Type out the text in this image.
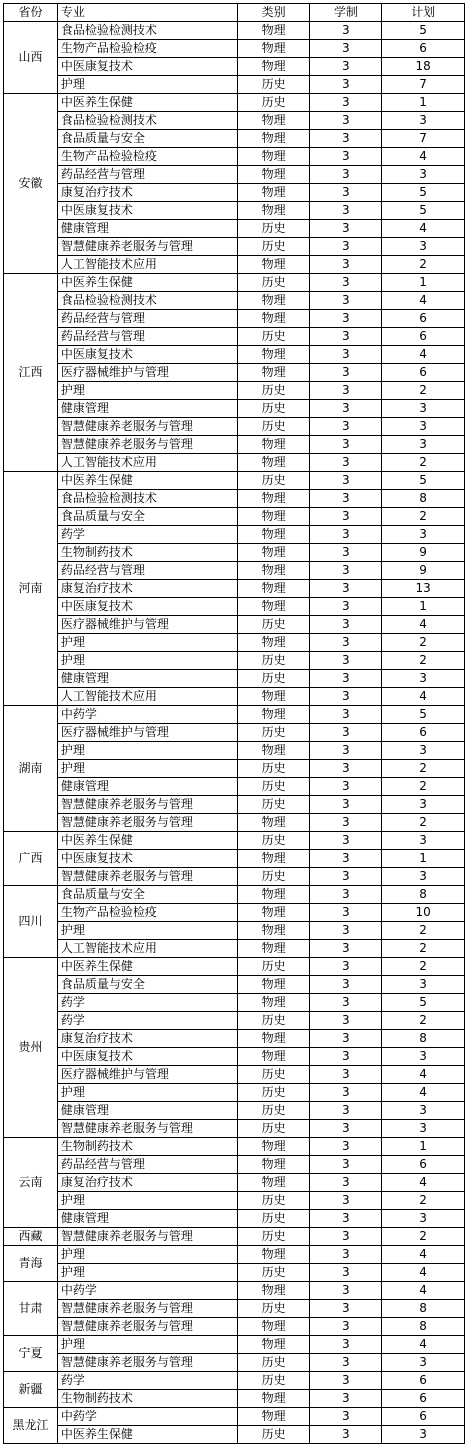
省份	专业	类别	学制	计划
山西	食品检验检测技术	物理	3	5
	生物产品检验检疫	物理	3	6
	中医康复技术	物理	3	18
	护理	历史	3	7
安徽	中医养生保健	历史	3	1
	食品检验检测技术	物理	3	3
	食品质量与安全	物理	3	7
	生物产品检验检疫	物理	3	4
	药品经营与管理	物理	3	3
	康复治疗技术	物理	3	5
	中医康复技术	物理	3	5
	健康管理	历史	3	4
	智慧健康养老服务与管理	历史	3	3
	人工智能技术应用	物理	3	2
江西	中医养生保健	历史	3	1
	食品检验检测技术	物理	3	4
	药品经营与管理	物理	3	6
	药品经营与管理	历史	3	6
	中医康复技术	物理	3	4
	医疗器械维护与管理	物理	3	6
	护理	历史	3	2
	健康管理	历史	3	3
	智慧健康养老服务与管理	历史	3	3
	智慧健康养老服务与管理	物理	3	3
	人工智能技术应用	物理	3	2
河南	中医养生保健	历史	3	5
	食品检验检测技术	物理	3	8
	食品质量与安全	物理	3	2
	药学	物理	3	3
	生物制药技术	物理	3	9
	药品经营与管理	物理	3	9
	康复治疗技术	物理	3	13
	中医康复技术	物理	3	1
	医疗器械维护与管理	历史	3	4
	护理	物理	3	2
	护理	历史	3	2
	健康管理	历史	3	3
	人工智能技术应用	物理	3	4
湖南	中药学	物理	3	5
	医疗器械维护与管理	历史	3	6
	护理	物理	3	3
	护理	历史	3	2
	健康管理	历史	3	2
	智慧健康养老服务与管理	历史	3	3
	智慧健康养老服务与管理	物理	3	2
广西	中医养生保健	历史	3	3
	中医康复技术	物理	3	1
	智慧健康养老服务与管理	历史	3	3
四川	食品质量与安全	物理	3	8
	生物产品检验检疫	物理	3	10
	护理	物理	3	2
	人工智能技术应用	物理	3	2
贵州	中医养生保健	历史	3	2
	食品质量与安全	物理	3	3
	药学	物理	3	5
	药学	历史	3	2
	康复治疗技术	物理	3	8
	中医康复技术	物理	3	3
	医疗器械维护与管理	历史	3	4
	护理	历史	3	4
	健康管理	历史	3	3
	智慧健康养老服务与管理	历史	3	3
云南	生物制药技术	物理	3	1
	药品经营与管理	物理	3	6
	康复治疗技术	物理	3	4
	护理	历史	3	2
	健康管理	历史	3	3
西藏	智慧健康养老服务与管理	历史	3	2
青海	护理	物理	3	4
	护理	历史	3	4
甘肃	中药学	物理	3	4
	智慧健康养老服务与管理	历史	3	8
	智慧健康养老服务与管理	物理	3	8
宁夏	护理	物理	3	4
	智慧健康养老服务与管理	历史	3	3
新疆	药学	历史	3	6
	生物制药技术	物理	3	6
黑龙江	中药学	物理	3	6
	中医养生保健	历史	3	3
